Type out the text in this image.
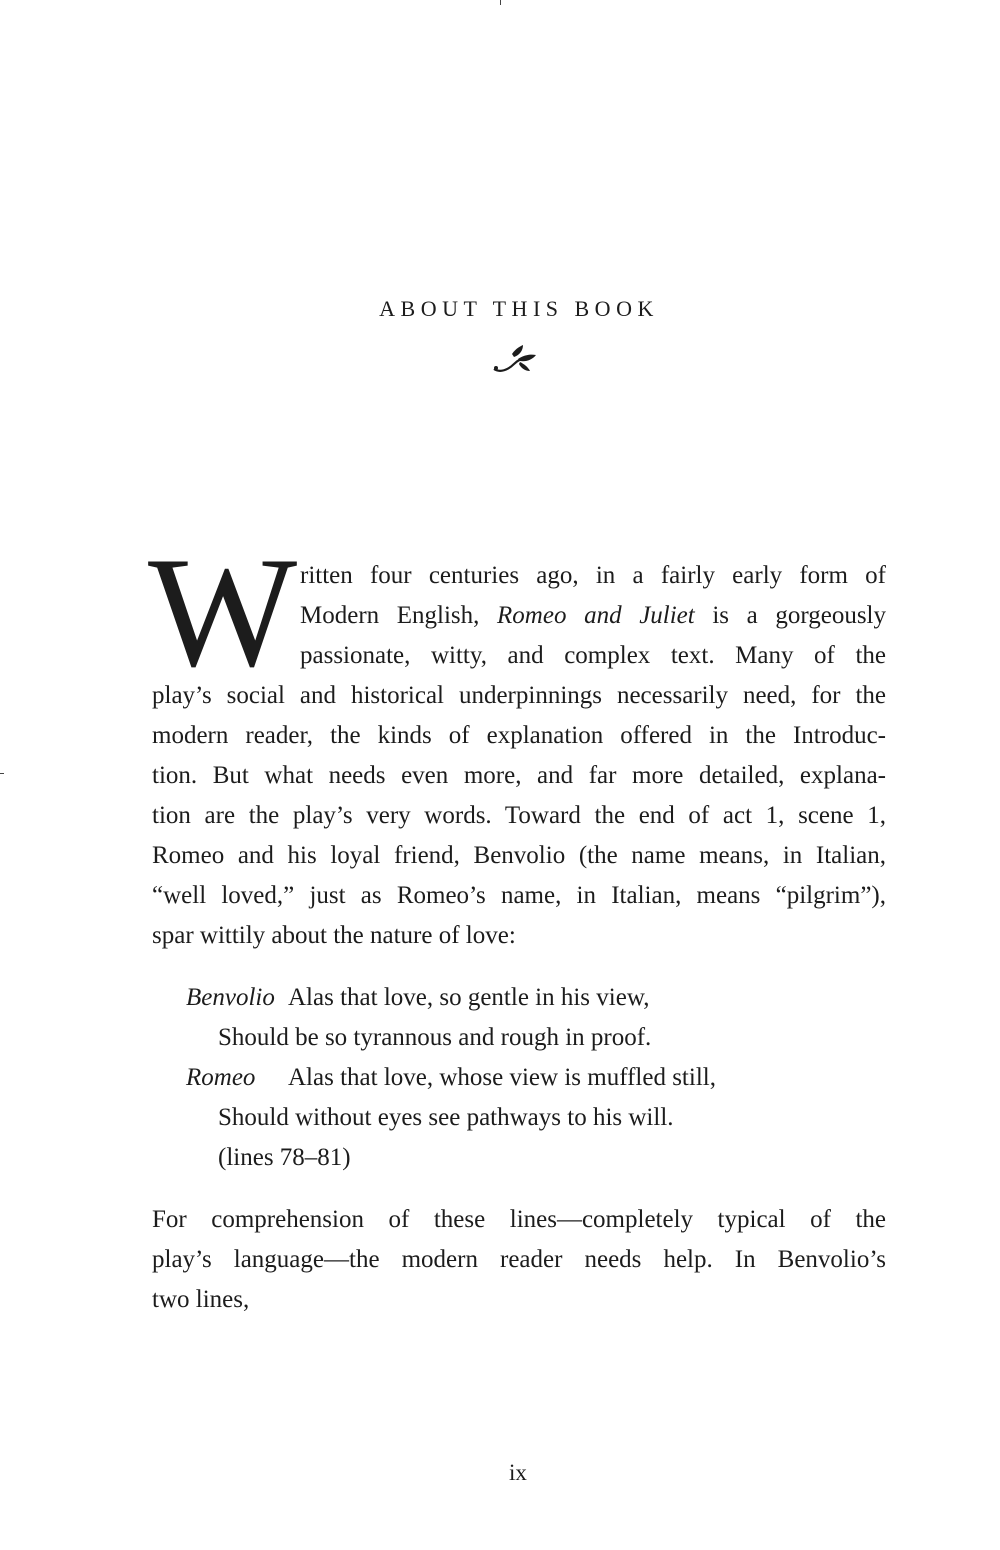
ABOUT THIS BOOK
W ritten four centuries ago, in a fairly early form of
Modern English, Romeo and Juliet is a gorgeously
passionate, witty, and complex text. Many of the
play’s social and historical underpinnings necessarily need, for the
modern reader, the kinds of explanation offered in the Introduc-
tion. But what needs even more, and far more detailed, explana-
tion are the play’s very words. Toward the end of act 1, scene 1,
Romeo and his loyal friend, Benvolio (the name means, in Italian,
“well loved,” just as Romeo’s name, in Italian, means “pilgrim”),
spar wittily about the nature of love:
Benvolio Alas that love, so gentle in his view,
Should be so tyrannous and rough in proof.
Romeo Alas that love, whose view is muffled still,
Should without eyes see pathways to his will.
(lines 78–81)
For comprehension of these lines—completely typical of the
play’s language—the modern reader needs help. In Benvolio’s
two lines,
ix
